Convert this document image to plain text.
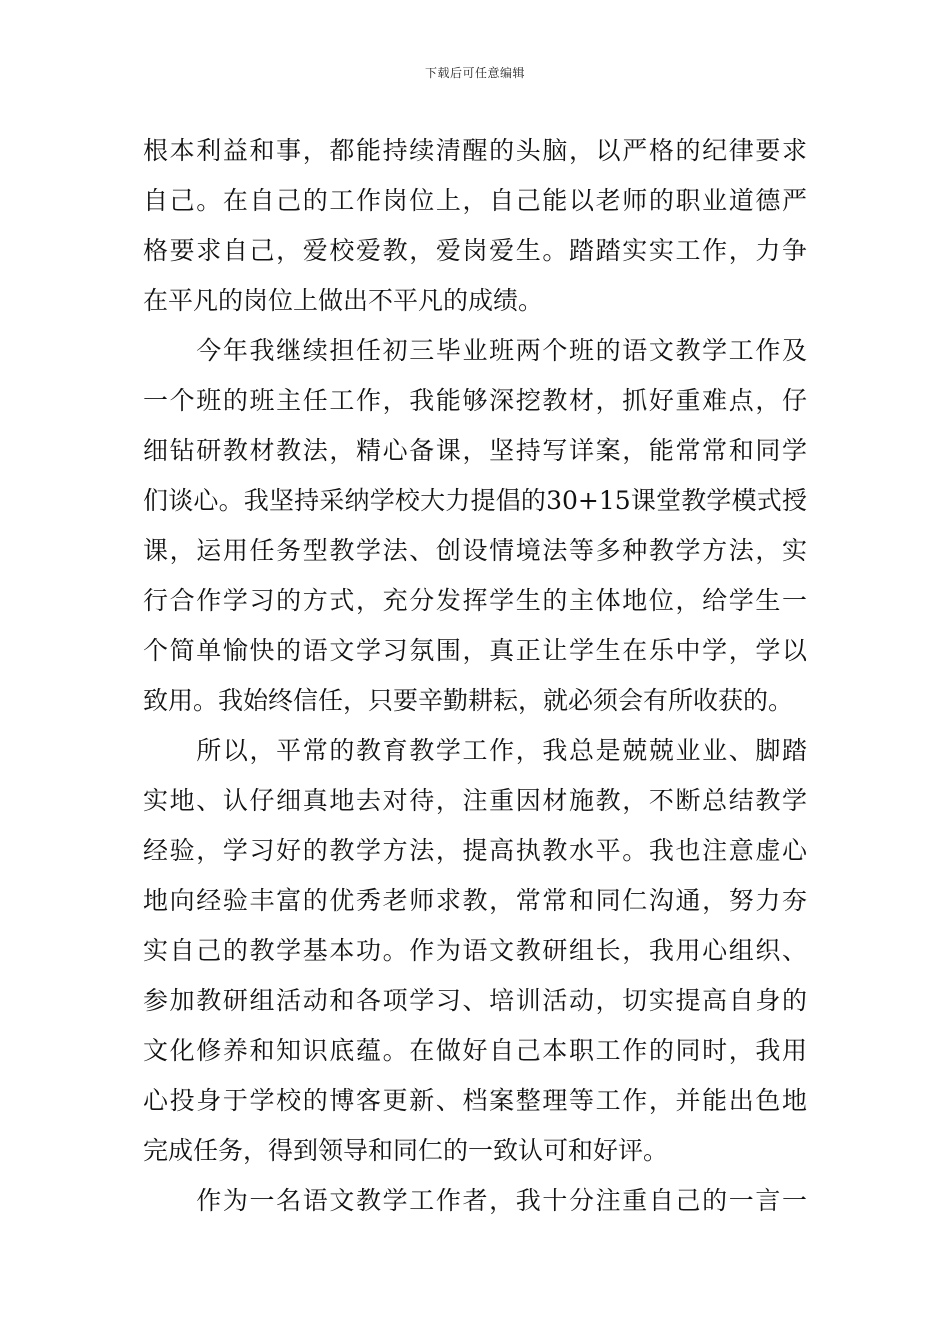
下载后可任意编辑
根本利益和事，都能持续清醒的头脑，以严格的纪律要求
自己。在自己的工作岗位上，自己能以老师的职业道德严
格要求自己，爱校爱教，爱岗爱生。踏踏实实工作，力争
在平凡的岗位上做出不平凡的成绩。
　　今年我继续担任初三毕业班两个班的语文教学工作及
一个班的班主任工作，我能够深挖教材，抓好重难点，仔
细钻研教材教法，精心备课，坚持写详案，能常常和同学
们谈心。我坚持采纳学校大力提倡的30+15课堂教学模式授
课，运用任务型教学法、创设情境法等多种教学方法，实
行合作学习的方式，充分发挥学生的主体地位，给学生一
个简单愉快的语文学习氛围，真正让学生在乐中学，学以
致用。我始终信任，只要辛勤耕耘，就必须会有所收获的。
　　所以，平常的教育教学工作，我总是兢兢业业、脚踏
实地、认仔细真地去对待，注重因材施教，不断总结教学
经验，学习好的教学方法，提高执教水平。我也注意虚心
地向经验丰富的优秀老师求教，常常和同仁沟通，努力夯
实自己的教学基本功。作为语文教研组长，我用心组织、
参加教研组活动和各项学习、培训活动，切实提高自身的
文化修养和知识底蕴。在做好自己本职工作的同时，我用
心投身于学校的博客更新、档案整理等工作，并能出色地
完成任务，得到领导和同仁的一致认可和好评。
　　作为一名语文教学工作者，我十分注重自己的一言一
